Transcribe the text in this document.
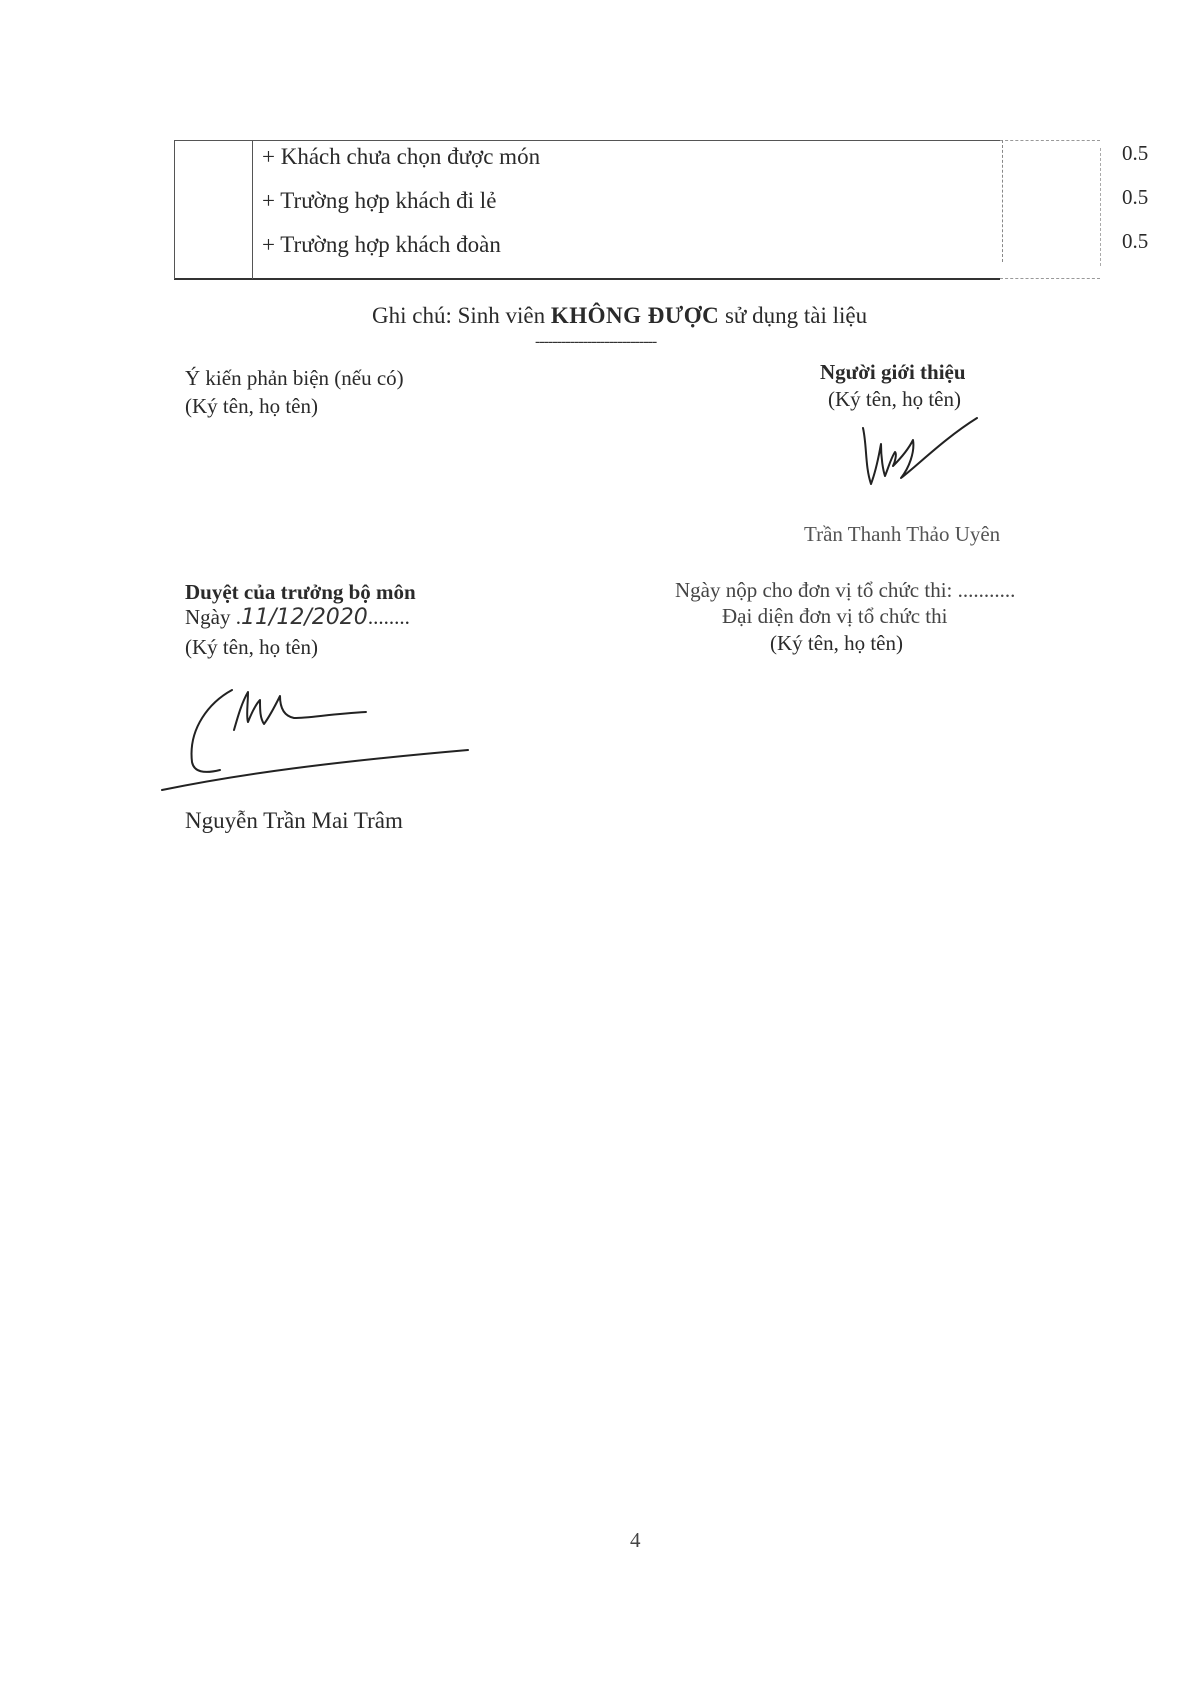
+ Khách chưa chọn được món	0.5
+ Trường hợp khách đi lẻ	0.5
+ Trường hợp khách đoàn	0.5
Ghi chú: Sinh viên KHÔNG ĐƯỢC sử dụng tài liệu
----------------------------
Ý kiến phản biện (nếu có)
(Ký tên, họ tên)
Người giới thiệu
(Ký tên, họ tên)
Trần Thanh Thảo Uyên
Duyệt của trưởng bộ môn
Ngày .11/12/2020........
(Ký tên, họ tên)
Nguyễn Trần Mai Trâm
Ngày nộp cho đơn vị tổ chức thi: ...........
Đại diện đơn vị tổ chức thi
(Ký tên, họ tên)
4
